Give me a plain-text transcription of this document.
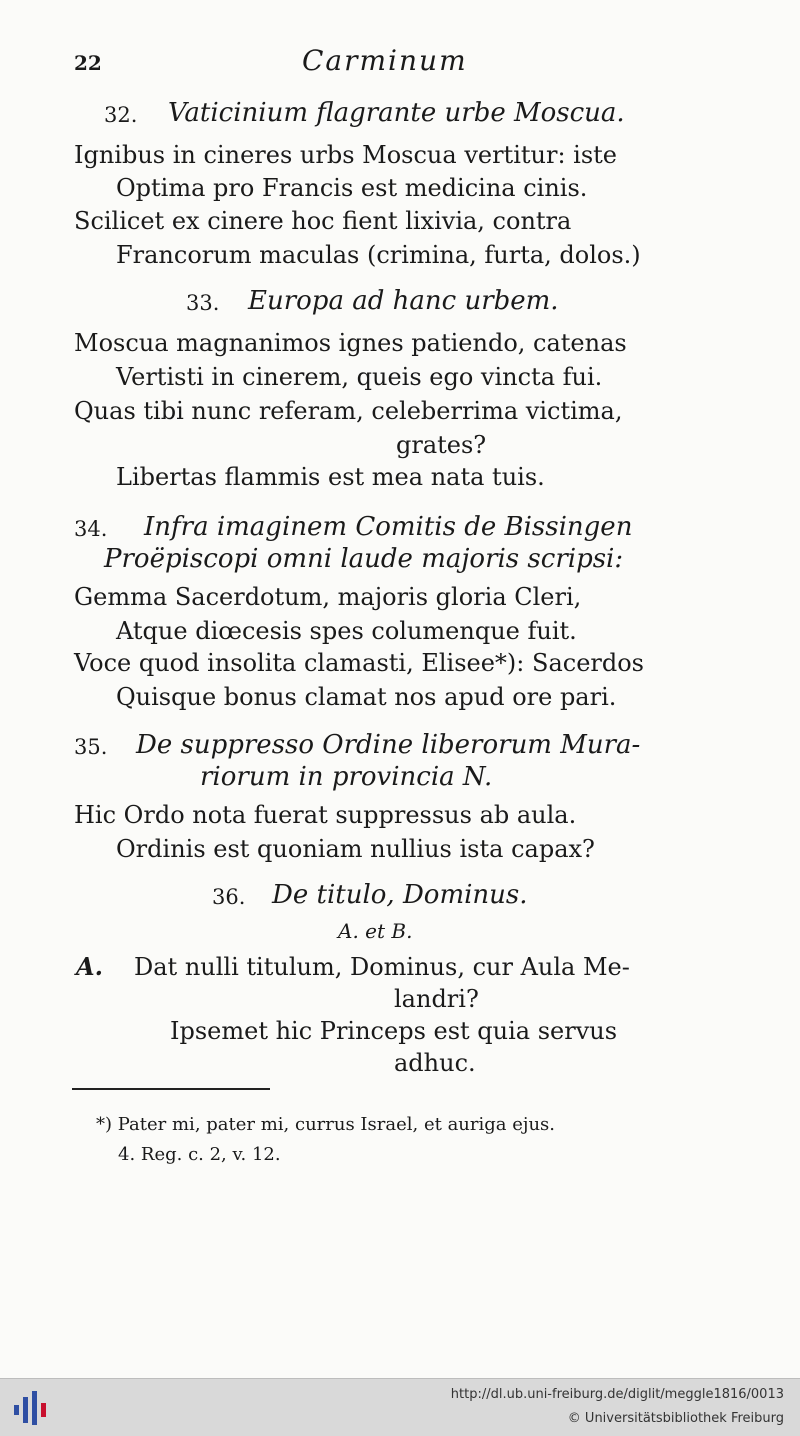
22	Carminum
32. Vaticinium flagrante urbe Moscua.
Ignibus in cineres urbs Moscua vertitur: iste
Optima pro Francis est medicina cinis.
Scilicet ex cinere hoc fient lixivia, contra
Francorum maculas (crimina, furta, dolos.)
33. Europa ad hanc urbem.
Moscua magnanimos ignes patiendo, catenas
Vertisti in cinerem, queis ego vincta fui.
Quas tibi nunc referam, celeberrima victima,
grates?
Libertas flammis est mea nata tuis.
34. Infra imaginem Comitis de Bissingen
Proëpiscopi omni laude majoris scripsi:
Gemma Sacerdotum, majoris gloria Cleri,
Atque diœcesis spes columenque fuit.
Voce quod insolita clamasti, Elisee*): Sacerdos
Quisque bonus clamat nos apud ore pari.
35. De suppresso Ordine liberorum Mura-
riorum in provincia N.
Hic Ordo nota fuerat suppressus ab aula.
Ordinis est quoniam nullius ista capax?
36. De titulo, Dominus.
A. et B.
A. Dat nulli titulum, Dominus, cur Aula Me-
landri?
Ipsemet hic Princeps est quia servus
adhuc.
*) Pater mi, pater mi, currus Israel, et auriga ejus.
4. Reg. c. 2, v. 12.
http://dl.ub.uni-freiburg.de/diglit/meggle1816/0013
© Universitätsbibliothek Freiburg
